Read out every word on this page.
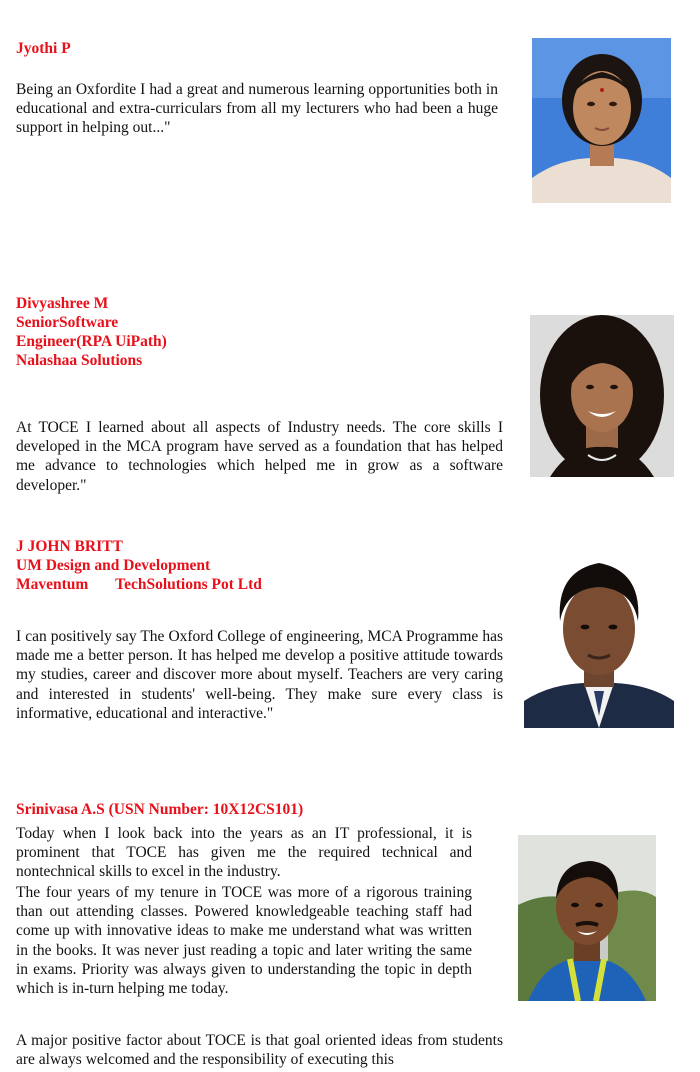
Jyothi P

Being an Oxfordite I had a great and numerous learning opportunities both in educational and extra-curriculars from all my lecturers who had been a huge support in helping out..."

Divyashree M
SeniorSoftware
Engineer(RPA UiPath)
Nalashaa Solutions

At TOCE I learned about all aspects of Industry needs. The core skills I developed in the MCA program have served as a foundation that has helped me advance to technologies which helped me in grow as a software developer."

J JOHN BRITT
UM Design and Development
Maventum       TechSolutions Pot Ltd

I can positively say The Oxford College of engineering, MCA Programme has made me a better person. It has helped me develop a positive attitude towards my studies, career and discover more about myself. Teachers are very caring and interested in students' well-being. They make sure every class is informative, educational and interactive."

Srinivasa A.S (USN Number: 10X12CS101)

Today when I look back into the years as an IT professional, it is prominent that TOCE has given me the required technical and nontechnical skills to excel in the industry.

The four years of my tenure in TOCE was more of a rigorous training than out attending classes. Powered knowledgeable teaching staff had come up with innovative ideas to make me understand what was written in the books. It was never just reading a topic and later writing the same in exams. Priority was always given to understanding the topic in depth which is in-turn helping me today.

A major positive factor about TOCE is that goal oriented ideas from students are always welcomed and the responsibility of executing this
